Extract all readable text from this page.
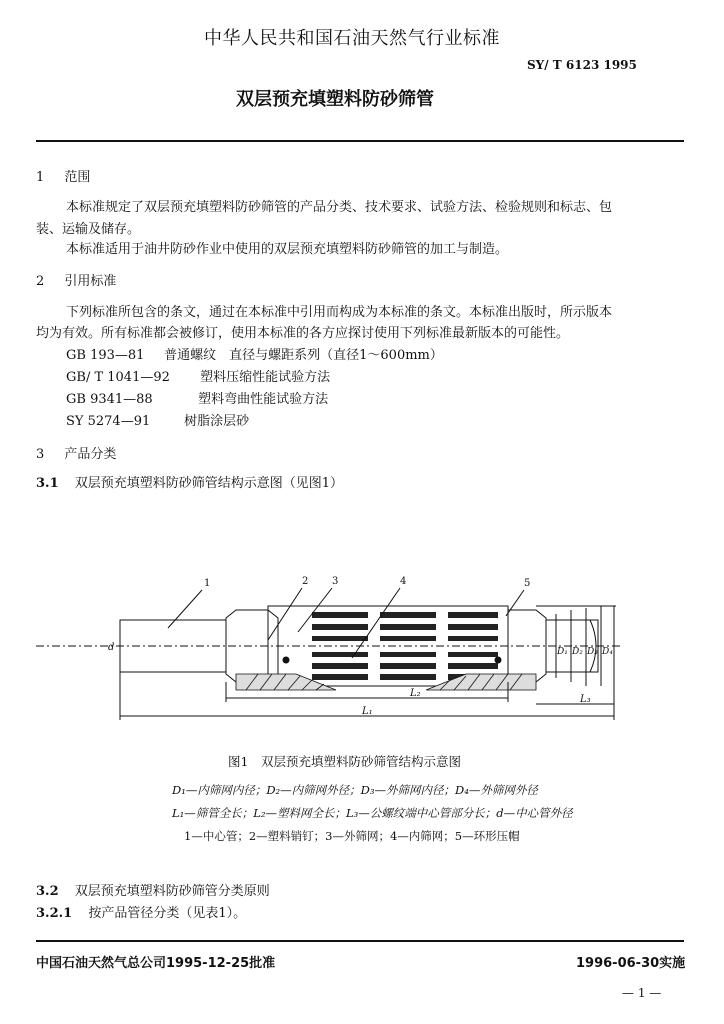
中华人民共和国石油天然气行业标准
SY/ T 6123 1995
双层预充填塑料防砂筛管
1 范围
本标准规定了双层预充填塑料防砂筛管的产品分类、技术要求、试验方法、检验规则和标志、包
装、运输及储存。
本标准适用于油井防砂作业中使用的双层预充填塑料防砂筛管的加工与制造。
2 引用标准
下列标准所包含的条文，通过在本标准中引用而构成为本标准的条文。本标准出版时，所示版本
均为有效。所有标准都会被修订，使用本标准的各方应探讨使用下列标准最新版本的可能性。
GB 193—81 普通螺纹　直径与螺距系列（直径1～600mm）
GB/ T 1041—92 塑料压缩性能试验方法
GB 9341—88	塑料弯曲性能试验方法
SY 5274—91	树脂涂层砂
3 产品分类
3.1 双层预充填塑料防砂筛管结构示意图（见图1）
1	2 3	4	5
d	D₁ D₂ D₃ D₄
L₂
L₃
L₁
图1　双层预充填塑料防砂筛管结构示意图
D₁—内筛网内径；D₂—内筛网外径；D₃—外筛网内径；D₄—外筛网外径
L₁—筛管全长；L₂—塑料网全长；L₃—公螺纹端中心管部分长；d—中心管外径
1—中心管；2—塑料销钉；3—外筛网；4—内筛网；5—环形压帽
3.2 双层预充填塑料防砂筛管分类原则
3.2.1 按产品管径分类（见表1）。
中国石油天然气总公司1995-12-25批准	1996-06-30实施
— 1 —
